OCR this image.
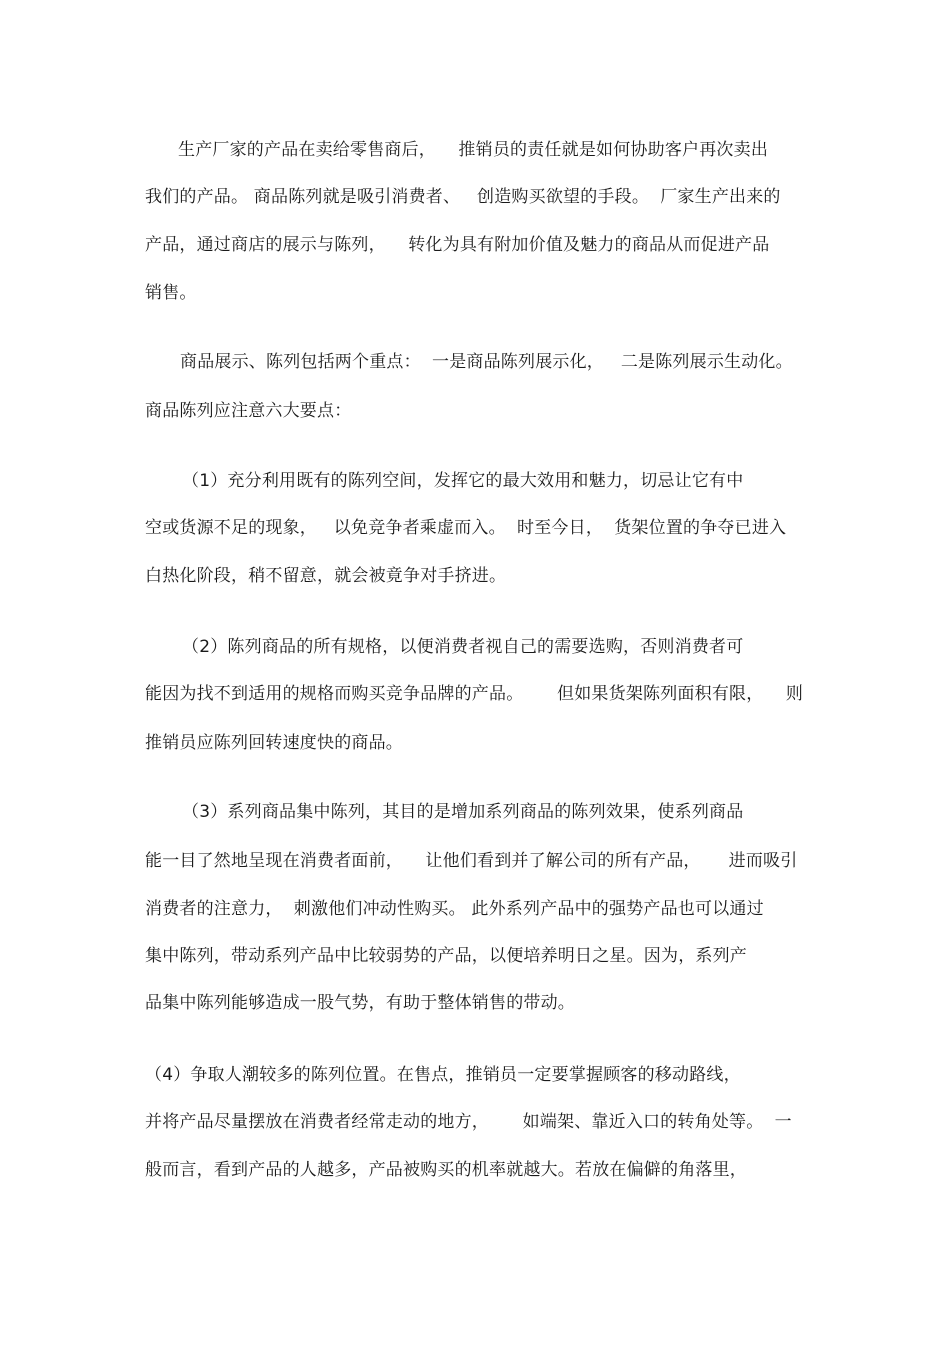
生产厂家的产品在卖给零售商后，    推销员的责任就是如何协助客户再次卖出
我们的产品。 商品陈列就是吸引消费者、   创造购买欲望的手段。  厂家生产出来的
产品，通过商店的展示与陈列，    转化为具有附加价值及魅力的商品从而促进产品
销售。
商品展示、陈列包括两个重点：  一是商品陈列展示化，   二是陈列展示生动化。
商品陈列应注意六大要点：
（1）充分利用既有的陈列空间，发挥它的最大效用和魅力，切忌让它有中
空或货源不足的现象，   以免竞争者乘虚而入。  时至今日，  货架位置的争夺已进入
白热化阶段，稍不留意，就会被竟争对手挤进。
（2）陈列商品的所有规格，以便消费者视自己的需要选购，否则消费者可
能因为找不到适用的规格而购买竞争品牌的产品。      但如果货架陈列面积有限，    则
推销员应陈列回转速度快的商品。
（3）系列商品集中陈列，其目的是增加系列商品的陈列效果，使系列商品
能一目了然地呈现在消费者面前，    让他们看到并了解公司的所有产品，     进而吸引
消费者的注意力，  刺激他们冲动性购买。 此外系列产品中的强势产品也可以通过
集中陈列，带动系列产品中比较弱势的产品，以便培养明日之星。因为，系列产
品集中陈列能够造成一股气势，有助于整体销售的带动。
（4）争取人潮较多的陈列位置。在售点，推销员一定要掌握顾客的移动路线，
并将产品尽量摆放在消费者经常走动的地方，      如端架、靠近入口的转角处等。  一
般而言，看到产品的人越多，产品被购买的机率就越大。若放在偏僻的角落里，
